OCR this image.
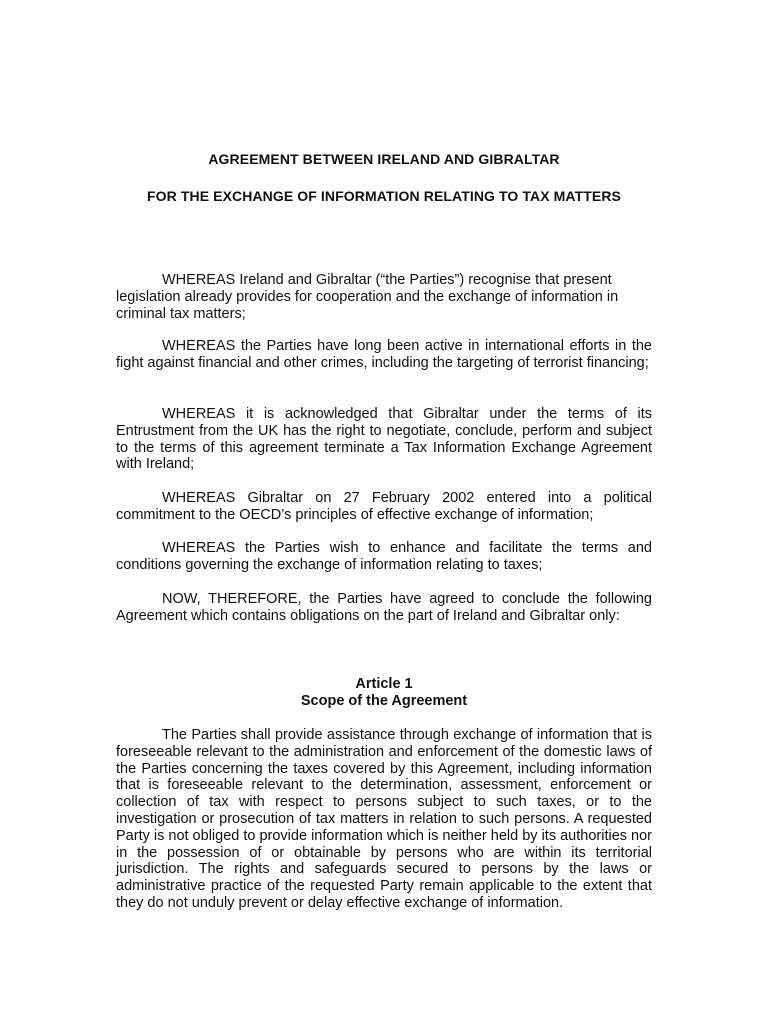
AGREEMENT BETWEEN IRELAND AND GIBRALTAR
FOR THE EXCHANGE OF INFORMATION RELATING TO TAX MATTERS
WHEREAS Ireland and Gibraltar (“the Parties”) recognise that present legislation already provides for cooperation and the exchange of information in criminal tax matters;
WHEREAS the Parties have long been active in international efforts in the fight against financial and other crimes, including the targeting of terrorist financing;
WHEREAS it is acknowledged that Gibraltar under the terms of its Entrustment from the UK has the right to negotiate, conclude, perform and subject to the terms of this agreement terminate a Tax Information Exchange Agreement with Ireland;
WHEREAS Gibraltar on 27 February 2002 entered into a political commitment to the OECD’s principles of effective exchange of information;
WHEREAS the Parties wish to enhance and facilitate the terms and conditions governing the exchange of information relating to taxes;
NOW, THEREFORE, the Parties have agreed to conclude the following Agreement which contains obligations on the part of Ireland and Gibraltar only:
Article 1
Scope of the Agreement
The Parties shall provide assistance through exchange of information that is foreseeable relevant to the administration and enforcement of the domestic laws of the Parties concerning the taxes covered by this Agreement, including information that is foreseeable relevant to the determination, assessment, enforcement or collection of tax with respect to persons subject to such taxes, or to the investigation or prosecution of tax matters in relation to such persons. A requested Party is not obliged to provide information which is neither held by its authorities nor in the possession of or obtainable by persons who are within its territorial jurisdiction. The rights and safeguards secured to persons by the laws or administrative practice of the requested Party remain applicable to the extent that they do not unduly prevent or delay effective exchange of information.
